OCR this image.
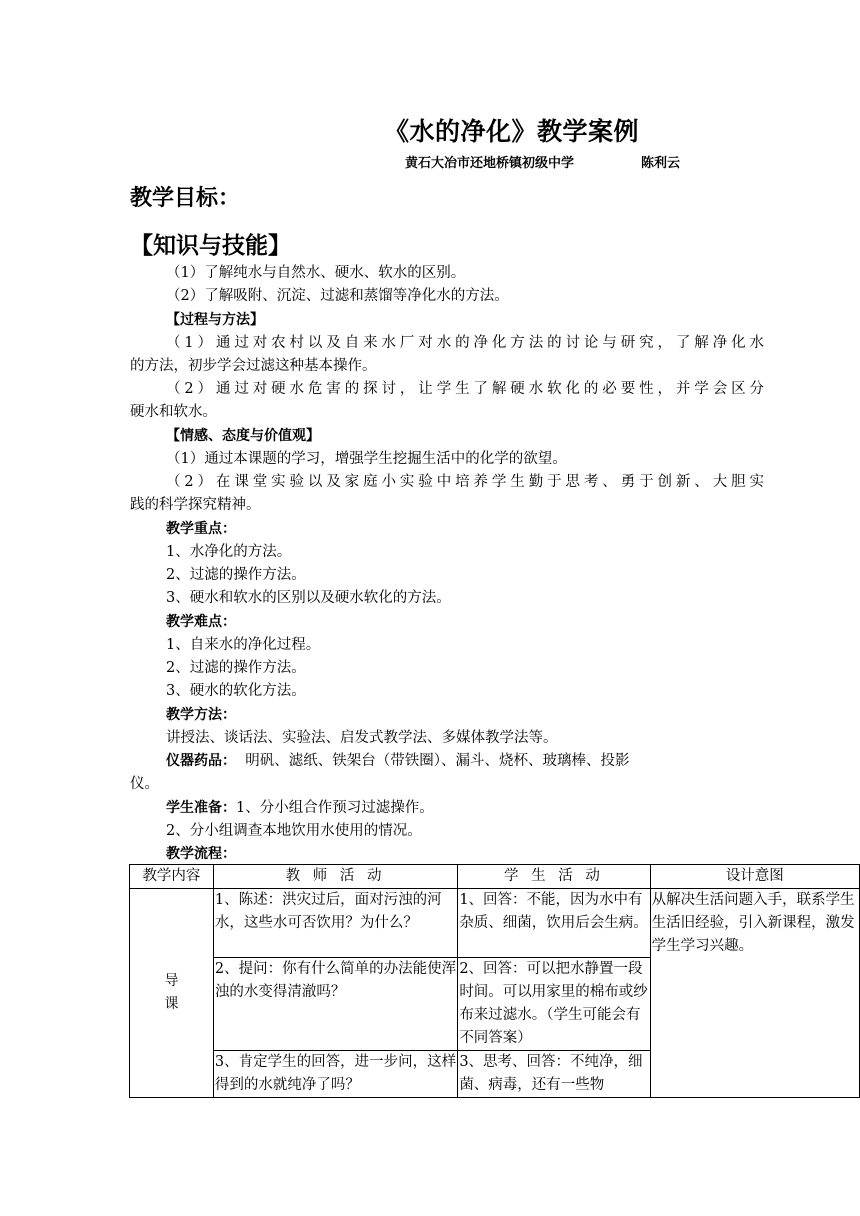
《水的净化》教学案例
黄石大冶市还地桥镇初级中学	陈利云
教学目标：
【知识与技能】
（1）了解纯水与自然水、硬水、软水的区别。
（2）了解吸附、沉淀、过滤和蒸馏等净化水的方法。
【过程与方法】
（1）通过对农村以及自来水厂对水的净化方法的讨论与研究，了解净化水
的方法，初步学会过滤这种基本操作。
（2）通过对硬水危害的探讨，让学生了解硬水软化的必要性，并学会区分
硬水和软水。
【情感、态度与价值观】
（1）通过本课题的学习，增强学生挖掘生活中的化学的欲望。
（2）在课堂实验以及家庭小实验中培养学生勤于思考、勇于创新、大胆实
践的科学探究精神。
教学重点：
1、水净化的方法。
2、过滤的操作方法。
3、硬水和软水的区别以及硬水软化的方法。
教学难点：
1、自来水的净化过程。
2、过滤的操作方法。
3、硬水的软化方法。
教学方法：
讲授法、谈话法、实验法、启发式教学法、多媒体教学法等。
仪器药品： 明矾、滤纸、铁架台（带铁圈）、漏斗、烧杯、玻璃棒、投影
仪。
学生准备：1、分小组合作预习过滤操作。
2、分小组调查本地饮用水使用的情况。
教学流程：
教学内容	教 师 活 动	学 生 活 动	设计意图

导
课	1、陈述：洪灾过后，面对污浊的河水，这些水可否饮用？为什么？	1、回答：不能，因为水中有杂质、细菌，饮用后会生病。	从解决生活问题入手，联系学生生活旧经验，引入新课程，激发学生学习兴趣。

	2、提问：你有什么简单的办法能使浑浊的水变得清澈吗？	2、回答：可以把水静置一段时间。可以用家里的棉布或纱布来过滤水。（学生可能会有不同答案）	
	3、肯定学生的回答，进一步问，这样得到的水就纯净了吗？	3、思考、回答：不纯净，细菌、病毒，还有一些物	
